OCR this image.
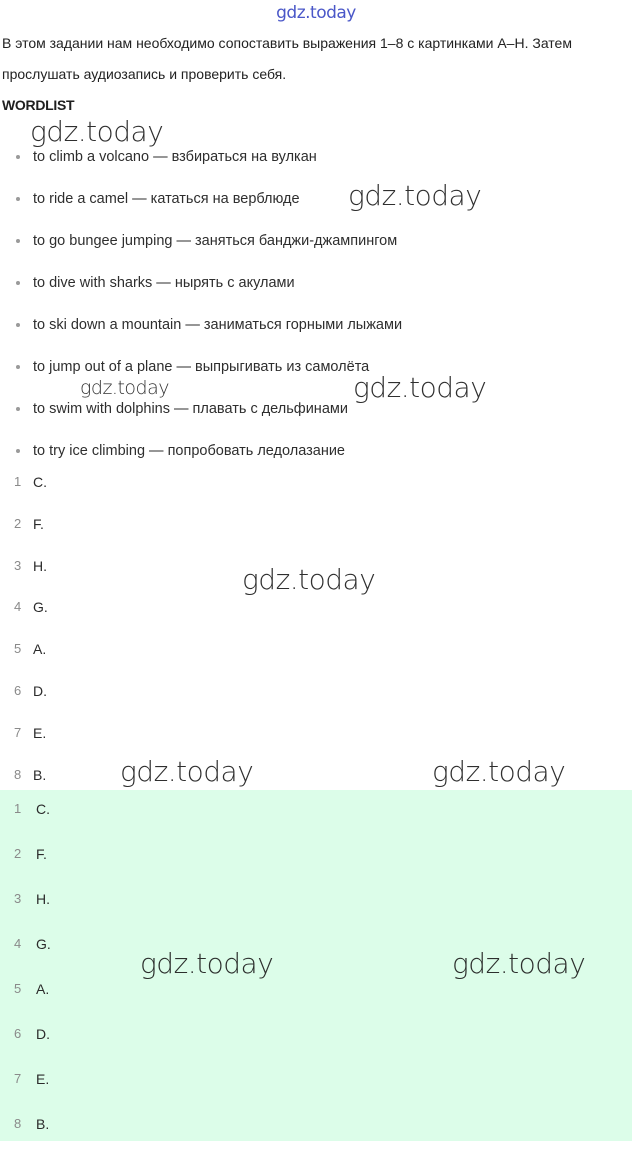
gdz.today
В этом задании нам необходимо сопоставить выражения 1–8 с картинками A–H. Затем прослушать аудиозапись и проверить себя.
WORDLIST
to climb a volcano — взбираться на вулкан
to ride a camel — кататься на верблюде
to go bungee jumping — заняться банджи-джампингом
to dive with sharks — нырять с акулами
to ski down a mountain — заниматься горными лыжами
to jump out of a plane — выпрыгивать из самолёта
to swim with dolphins — плавать с дельфинами
to try ice climbing — попробовать ледолазание
1 C.
2 F.
3 H.
4 G.
5 A.
6 D.
7 E.
8 B.
1 C.
2 F.
3 H.
4 G.
5 A.
6 D.
7 E.
8 B.
gdz.today
gdz.today
gdz.today	gdz.today
gdz.today
gdz.today	gdz.today
gdz.today	gdz.today
